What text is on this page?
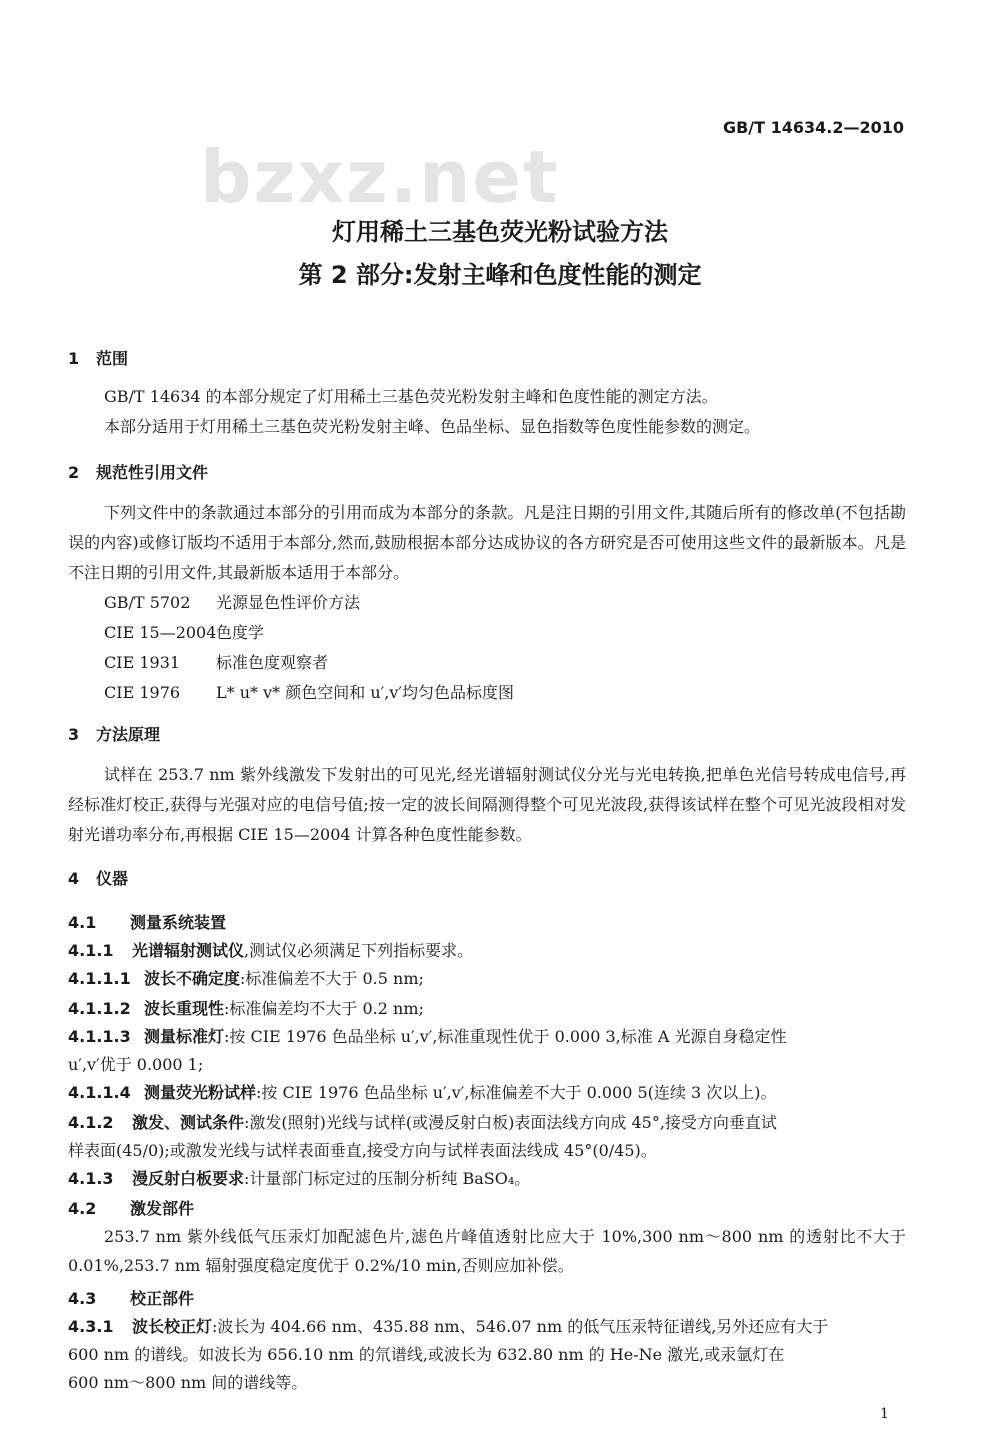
GB/T 14634.2—2010
bzxz.net
灯用稀土三基色荧光粉试验方法
第 2 部分:发射主峰和色度性能的测定
1 范围
GB/T 14634 的本部分规定了灯用稀土三基色荧光粉发射主峰和色度性能的测定方法。
本部分适用于灯用稀土三基色荧光粉发射主峰、色品坐标、显色指数等色度性能参数的测定。
2 规范性引用文件
下列文件中的条款通过本部分的引用而成为本部分的条款。凡是注日期的引用文件,其随后所有的修改单(不包括勘误的内容)或修订版均不适用于本部分,然而,鼓励根据本部分达成协议的各方研究是否可使用这些文件的最新版本。凡是不注日期的引用文件,其最新版本适用于本部分。
GB/T 5702 光源显色性评价方法
CIE 15—2004色度学
CIE 1931 标准色度观察者
CIE 1976 L* u* v* 颜色空间和 u′,v′均匀色品标度图
3 方法原理
试样在 253.7 nm 紫外线激发下发射出的可见光,经光谱辐射测试仪分光与光电转换,把单色光信号转成电信号,再经标准灯校正,获得与光强对应的电信号值;按一定的波长间隔测得整个可见光波段,获得该试样在整个可见光波段相对发射光谱功率分布,再根据 CIE 15—2004 计算各种色度性能参数。
4 仪器
4.1 测量系统装置
4.1.1 光谱辐射测试仪,测试仪必须满足下列指标要求。
4.1.1.1 波长不确定度:标准偏差不大于 0.5 nm;
4.1.1.2 波长重现性:标准偏差均不大于 0.2 nm;
4.1.1.3 测量标准灯:按 CIE 1976 色品坐标 u′,v′,标准重现性优于 0.000 3,标准 A 光源自身稳定性
u′,v′优于 0.000 1;
4.1.1.4 测量荧光粉试样:按 CIE 1976 色品坐标 u′,v′,标准偏差不大于 0.000 5(连续 3 次以上)。
4.1.2 激发、测试条件:激发(照射)光线与试样(或漫反射白板)表面法线方向成 45°,接受方向垂直试
样表面(45/0);或激发光线与试样表面垂直,接受方向与试样表面法线成 45°(0/45)。
4.1.3 漫反射白板要求:计量部门标定过的压制分析纯 BaSO₄。
4.2 激发部件
253.7 nm 紫外线低气压汞灯加配滤色片,滤色片峰值透射比应大于 10%,300 nm～800 nm 的透射比不大于 0.01%,253.7 nm 辐射强度稳定度优于 0.2%/10 min,否则应加补偿。
4.3 校正部件
4.3.1 波长校正灯:波长为 404.66 nm、435.88 nm、546.07 nm 的低气压汞特征谱线,另外还应有大于
600 nm 的谱线。如波长为 656.10 nm 的氘谱线,或波长为 632.80 nm 的 He-Ne 激光,或汞氩灯在
600 nm～800 nm 间的谱线等。
1
